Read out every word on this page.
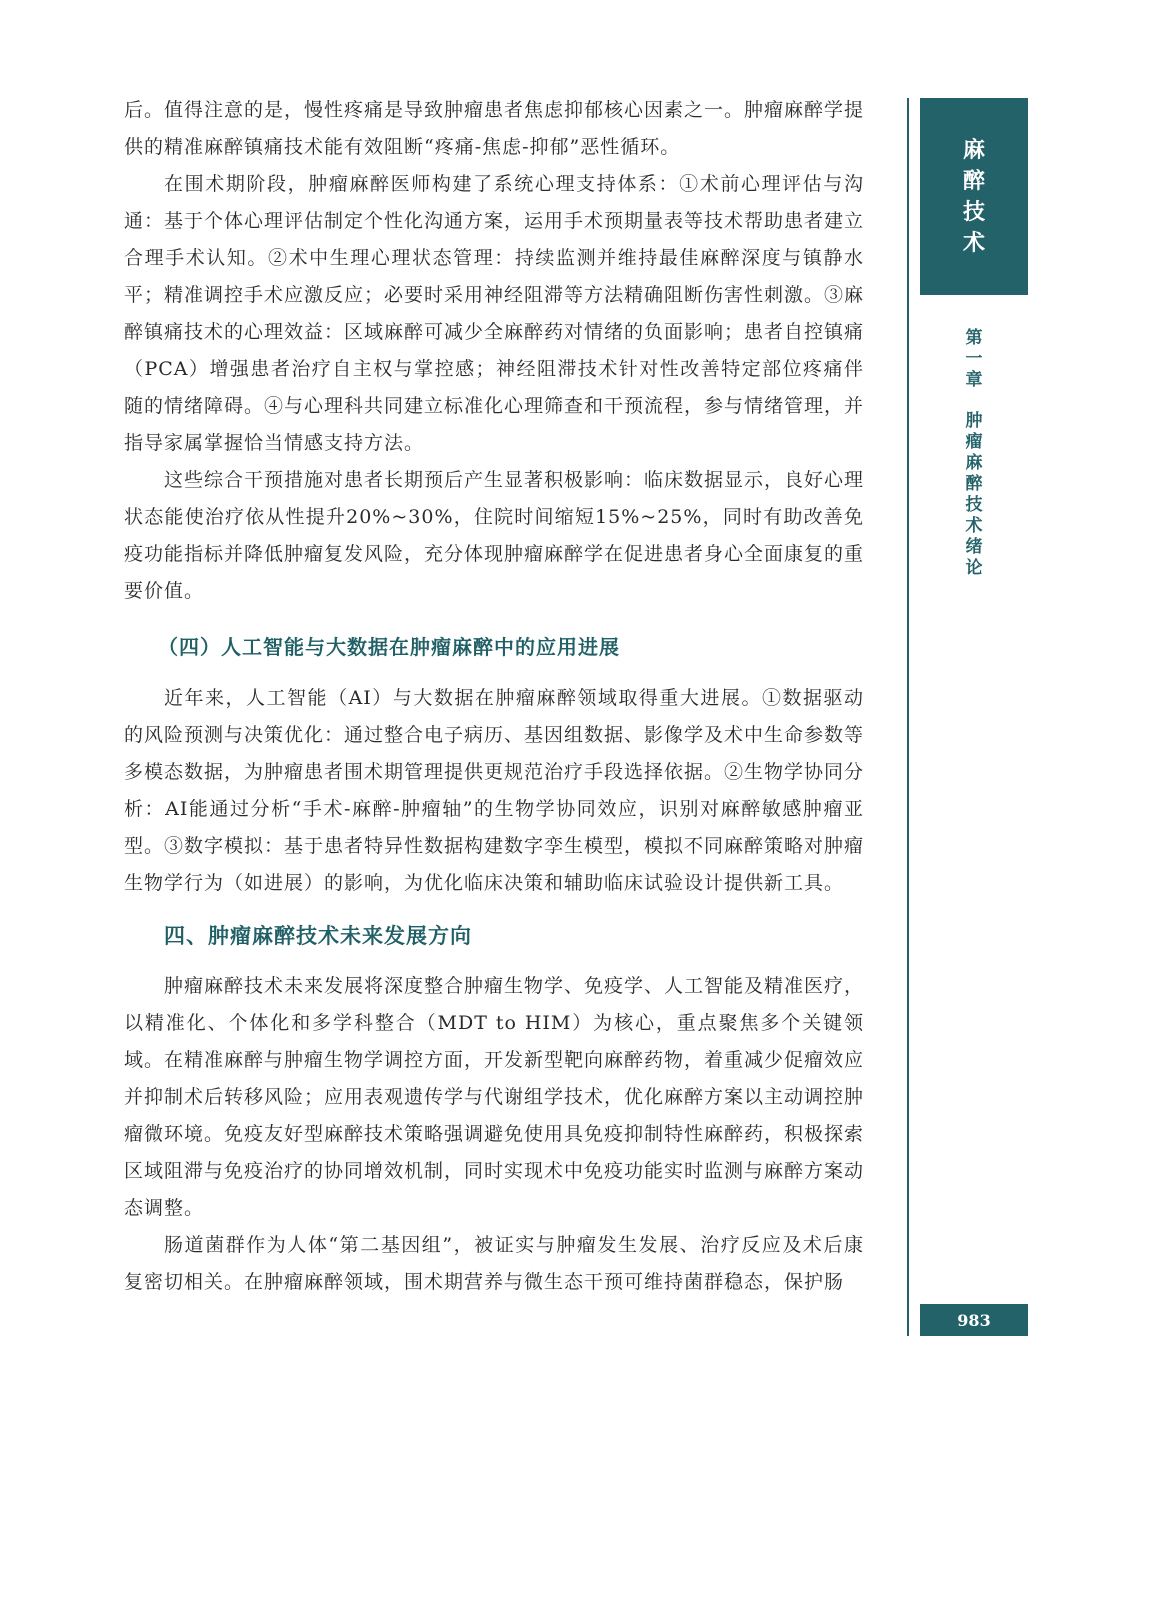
后。值得注意的是，慢性疼痛是导致肿瘤患者焦虑抑郁核心因素之一。肿瘤麻醉学提供的精准麻醉镇痛技术能有效阻断“疼痛-焦虑-抑郁”恶性循环。

在围术期阶段，肿瘤麻醉医师构建了系统心理支持体系：①术前心理评估与沟通：基于个体心理评估制定个性化沟通方案，运用手术预期量表等技术帮助患者建立合理手术认知。②术中生理心理状态管理：持续监测并维持最佳麻醉深度与镇静水平；精准调控手术应激反应；必要时采用神经阻滞等方法精确阻断伤害性刺激。③麻醉镇痛技术的心理效益：区域麻醉可减少全麻醉药对情绪的负面影响；患者自控镇痛（PCA）增强患者治疗自主权与掌控感；神经阻滞技术针对性改善特定部位疼痛伴随的情绪障碍。④与心理科共同建立标准化心理筛查和干预流程，参与情绪管理，并指导家属掌握恰当情感支持方法。

这些综合干预措施对患者长期预后产生显著积极影响：临床数据显示，良好心理状态能使治疗依从性提升20%~30%，住院时间缩短15%~25%，同时有助改善免疫功能指标并降低肿瘤复发风险，充分体现肿瘤麻醉学在促进患者身心全面康复的重要价值。

（四）人工智能与大数据在肿瘤麻醉中的应用进展

近年来，人工智能（AI）与大数据在肿瘤麻醉领域取得重大进展。①数据驱动的风险预测与决策优化：通过整合电子病历、基因组数据、影像学及术中生命参数等多模态数据，为肿瘤患者围术期管理提供更规范治疗手段选择依据。②生物学协同分析：AI能通过分析“手术-麻醉-肿瘤轴”的生物学协同效应，识别对麻醉敏感肿瘤亚型。③数字模拟：基于患者特异性数据构建数字孪生模型，模拟不同麻醉策略对肿瘤生物学行为（如进展）的影响，为优化临床决策和辅助临床试验设计提供新工具。

四、肿瘤麻醉技术未来发展方向

肿瘤麻醉技术未来发展将深度整合肿瘤生物学、免疫学、人工智能及精准医疗，以精准化、个体化和多学科整合（MDT to HIM）为核心，重点聚焦多个关键领域。在精准麻醉与肿瘤生物学调控方面，开发新型靶向麻醉药物，着重减少促瘤效应并抑制术后转移风险；应用表观遗传学与代谢组学技术，优化麻醉方案以主动调控肿瘤微环境。免疫友好型麻醉技术策略强调避免使用具免疫抑制特性麻醉药，积极探索区域阻滞与免疫治疗的协同增效机制，同时实现术中免疫功能实时监测与麻醉方案动态调整。

肠道菌群作为人体“第二基因组”，被证实与肿瘤发生发展、治疗反应及术后康复密切相关。在肿瘤麻醉领域，围术期营养与微生态干预可维持菌群稳态，保护肠

麻
醉
技
术
第
一
章
肿
瘤
麻
醉
技
术
绪
论
983
